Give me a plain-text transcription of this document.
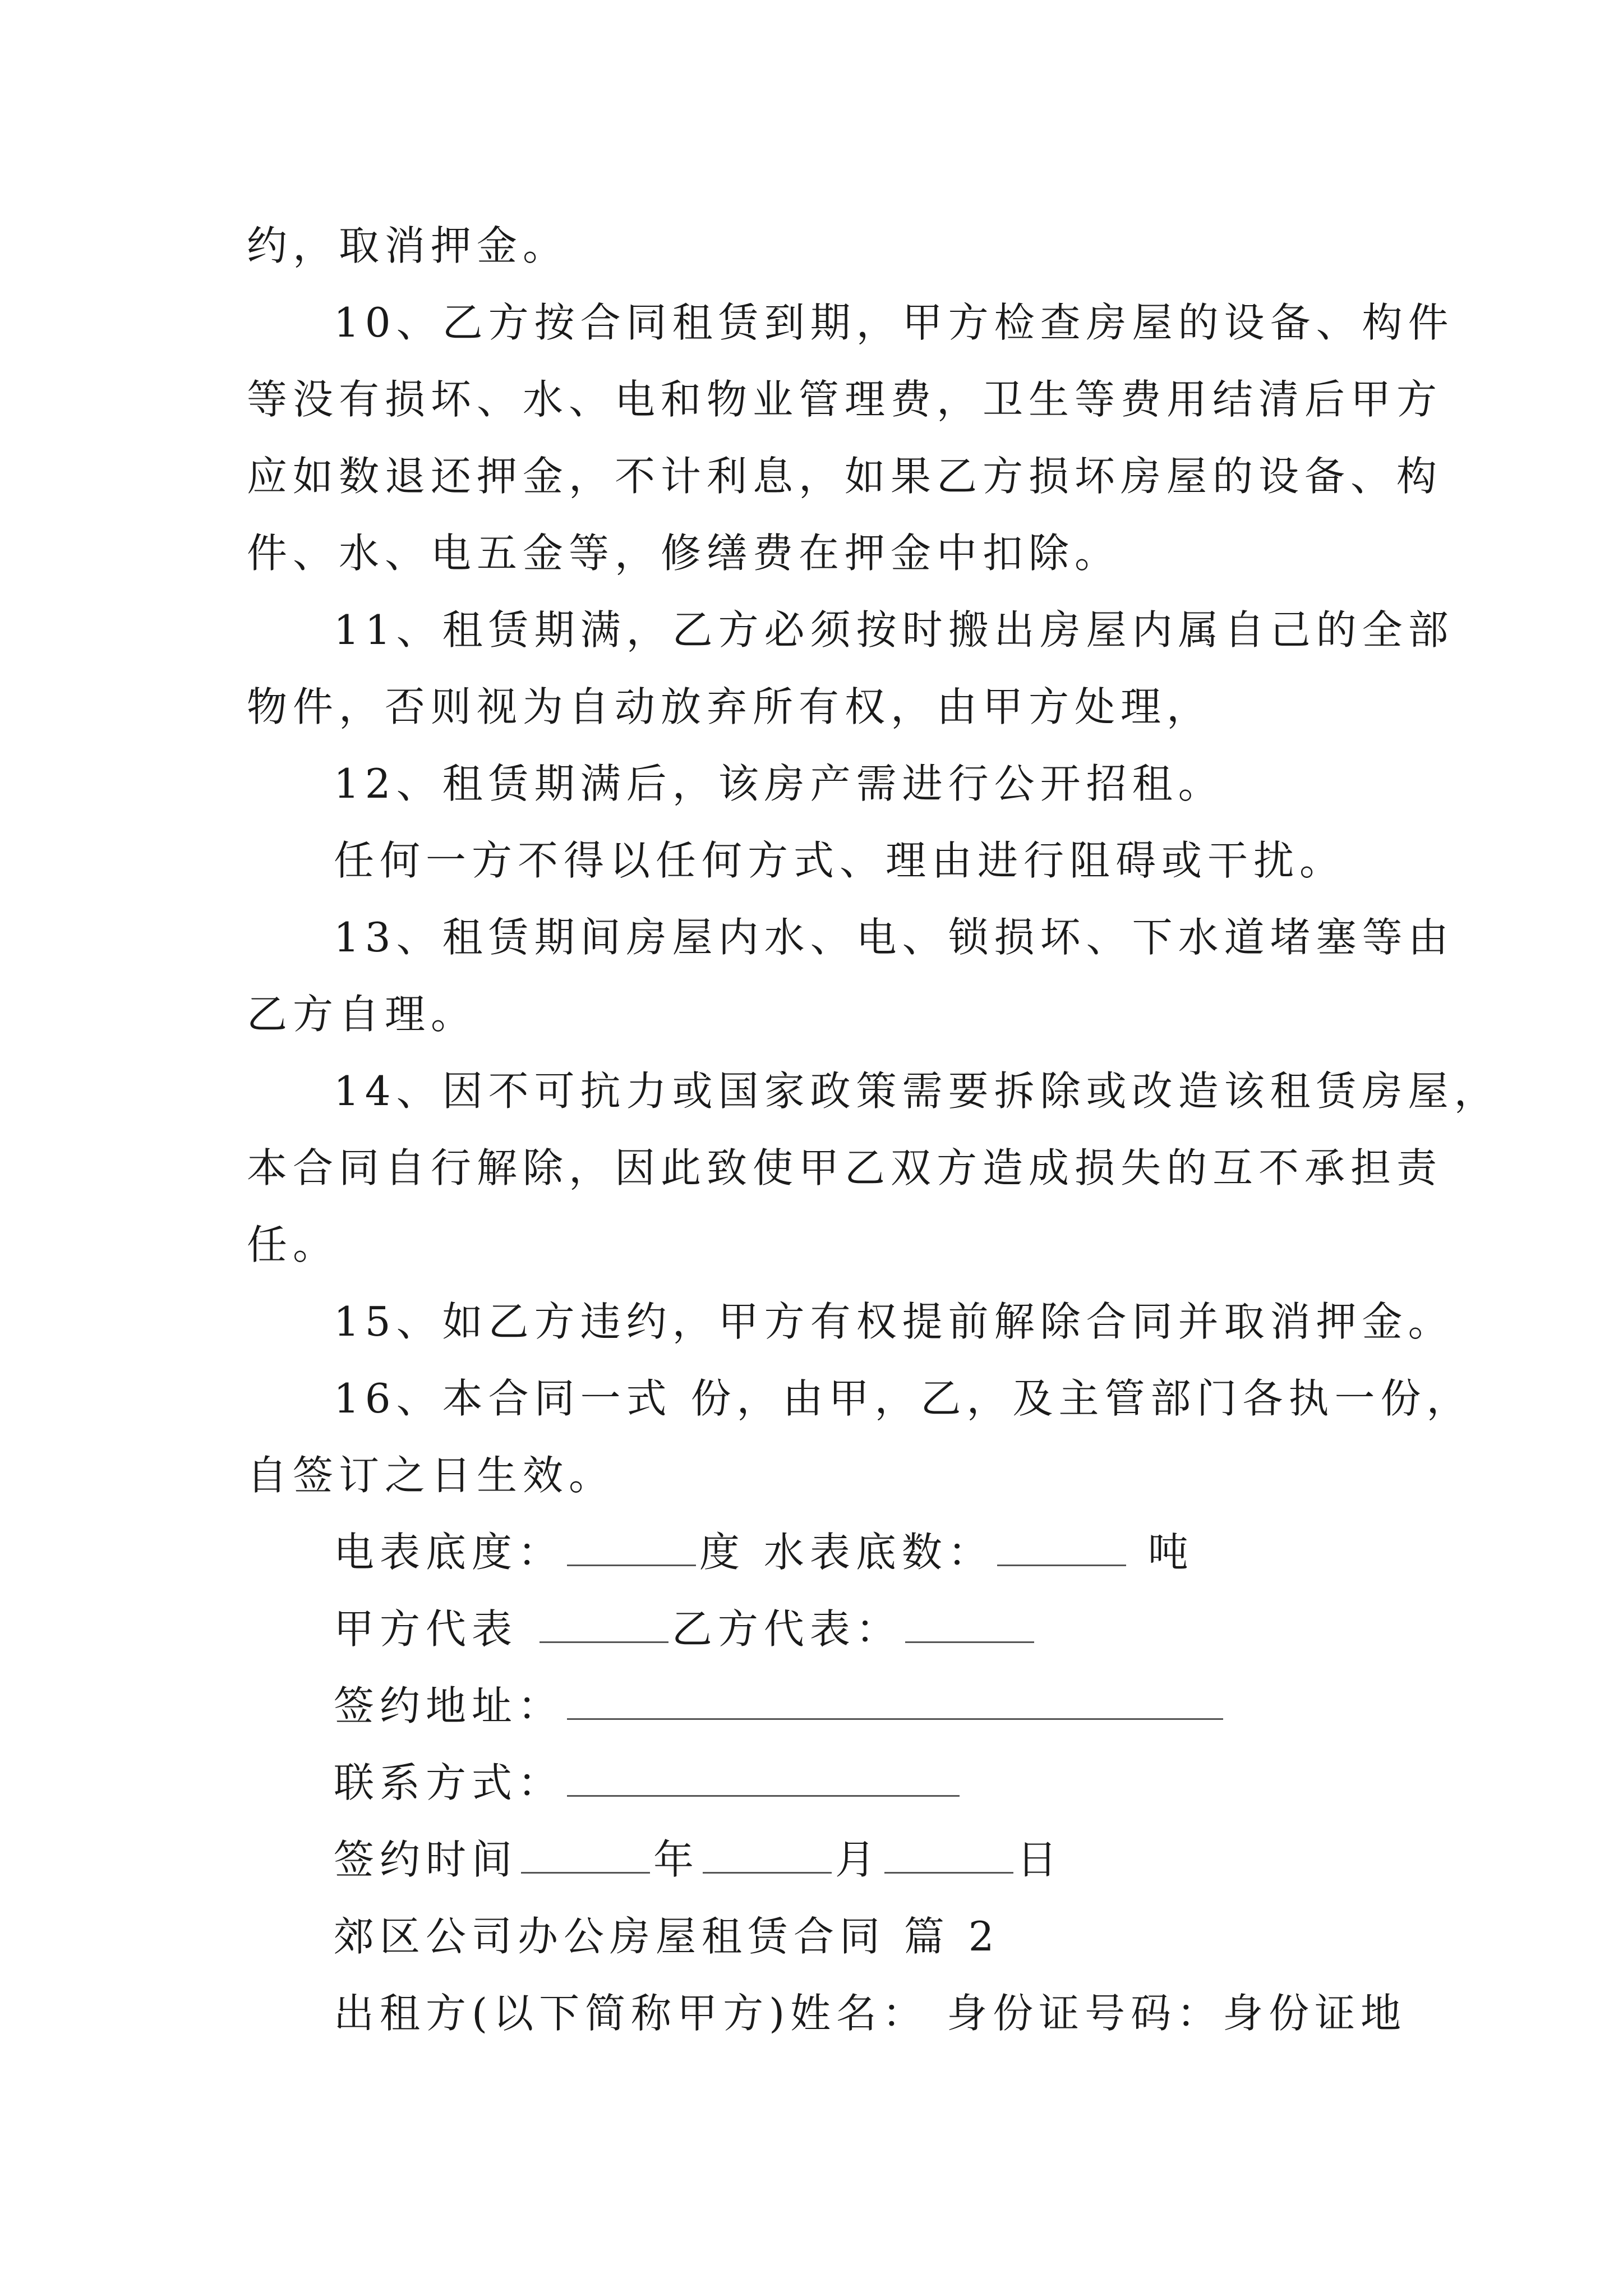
约，取消押金。
10、乙方按合同租赁到期，甲方检查房屋的设备、构件
等没有损坏、水、电和物业管理费，卫生等费用结清后甲方
应如数退还押金，不计利息，如果乙方损坏房屋的设备、构
件、水、电五金等，修缮费在押金中扣除。
11、租赁期满，乙方必须按时搬出房屋内属自己的全部
物件，否则视为自动放弃所有权，由甲方处理，
12、租赁期满后，该房产需进行公开招租。
任何一方不得以任何方式、理由进行阻碍或干扰。
13、租赁期间房屋内水、电、锁损坏、下水道堵塞等由
乙方自理。
14、因不可抗力或国家政策需要拆除或改造该租赁房屋，
本合同自行解除，因此致使甲乙双方造成损失的互不承担责
任。
15、如乙方违约，甲方有权提前解除合同并取消押金。
16、本合同一式 份，由甲，乙，及主管部门各执一份，
自签订之日生效。
电表底度：	度 水表底数：	吨
甲方代表	乙方代表：
签约地址：
联系方式：
签约时间	年	月	日
郊区公司办公房屋租赁合同 篇 2
出租方(以下简称甲方)姓名： 身份证号码：身份证地
